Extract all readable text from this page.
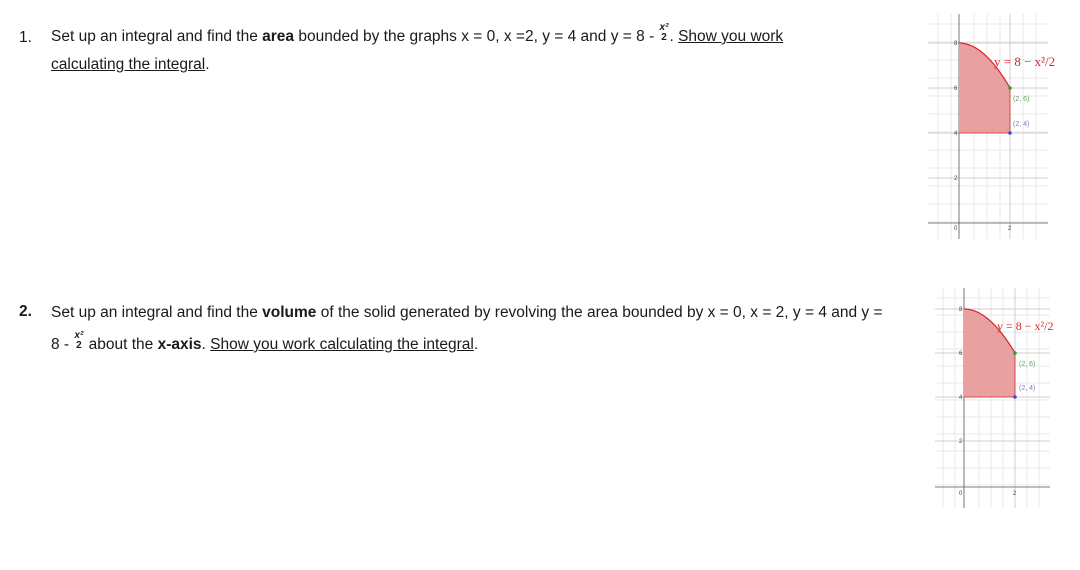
1. Set up an integral and find the area bounded by the graphs x = 0, x =2, y = 4 and y = 8 -
x²
2 . Show you work calculating the integral.
2. Set up an integral and find the volume of the solid generated by revolving the area bounded by x = 0, x = 2, y = 4 and y = 8 -
x²
2 about the x-axis. Show you work calculating the integral.
8
6
4
2
0	2
(2, 6)
(2, 4)
y = 8 − x²/2
8
6
4
2
0	2
(2, 6)
(2, 4)
y = 8 − x²/2
